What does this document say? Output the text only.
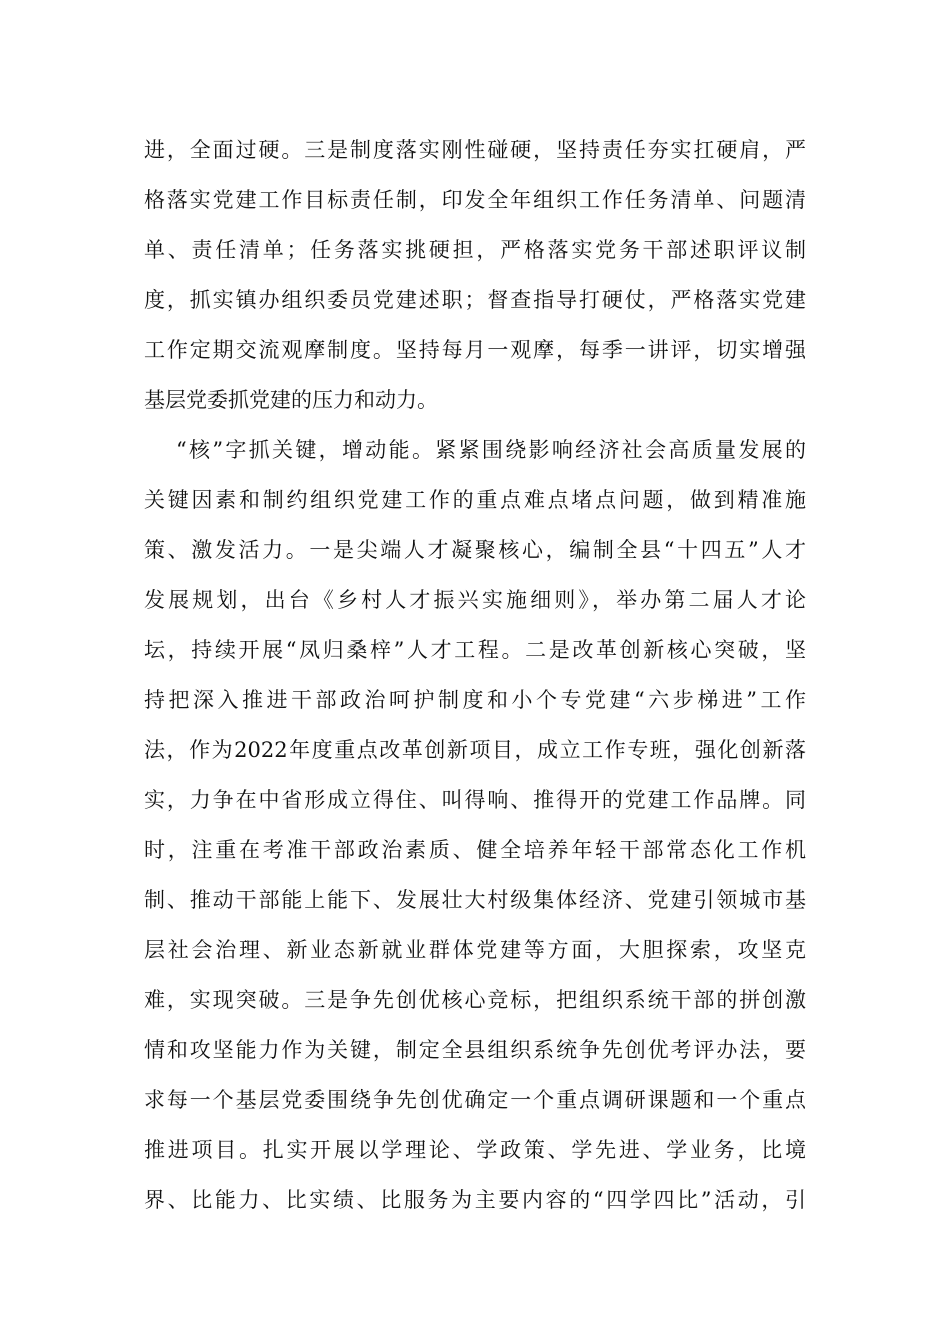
进，全面过硬。三是制度落实刚性碰硬，坚持责任夯实扛硬肩，严
格落实党建工作目标责任制，印发全年组织工作任务清单、问题清
单、责任清单；任务落实挑硬担，严格落实党务干部述职评议制
度，抓实镇办组织委员党建述职；督查指导打硬仗，严格落实党建
工作定期交流观摩制度。坚持每月一观摩，每季一讲评，切实增强
基层党委抓党建的压力和动力。
“核”字抓关键，增动能。紧紧围绕影响经济社会高质量发展的
关键因素和制约组织党建工作的重点难点堵点问题，做到精准施
策、激发活力。一是尖端人才凝聚核心，编制全县“十四五”人才
发展规划，出台《乡村人才振兴实施细则》，举办第二届人才论
坛，持续开展“凤归桑梓”人才工程。二是改革创新核心突破，坚
持把深入推进干部政治呵护制度和小个专党建“六步梯进”工作
法，作为2022年度重点改革创新项目，成立工作专班，强化创新落
实，力争在中省形成立得住、叫得响、推得开的党建工作品牌。同
时，注重在考准干部政治素质、健全培养年轻干部常态化工作机
制、推动干部能上能下、发展壮大村级集体经济、党建引领城市基
层社会治理、新业态新就业群体党建等方面，大胆探索，攻坚克
难，实现突破。三是争先创优核心竞标，把组织系统干部的拼创激
情和攻坚能力作为关键，制定全县组织系统争先创优考评办法，要
求每一个基层党委围绕争先创优确定一个重点调研课题和一个重点
推进项目。扎实开展以学理论、学政策、学先进、学业务，比境
界、比能力、比实绩、比服务为主要内容的“四学四比”活动，引
